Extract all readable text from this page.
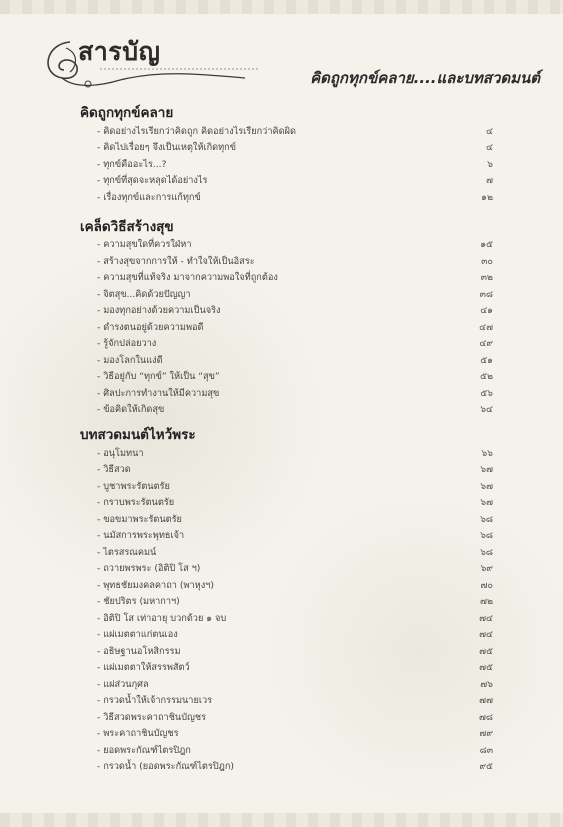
สารบัญ
คิดถูกทุกข์คลาย....และบทสวดมนต์
คิดถูกทุกข์คลาย
- คิดอย่างไรเรียกว่าคิดถูก คิดอย่างไรเรียกว่าคิดผิด	๔
- คิดไปเรื่อยๆ จึงเป็นเหตุให้เกิดทุกข์	๔
- ทุกข์คืออะไร...?	๖
- ทุกข์ที่สุดจะหลุดได้อย่างไร	๗
- เรื่องทุกข์และการแก้ทุกข์	๑๒
เคล็ดวิธีสร้างสุข
- ความสุขใดที่ควรใฝ่หา	๑๕
- สร้างสุขจากการให้ - ทำใจให้เป็นอิสระ	๓๐
- ความสุขที่แท้จริง มาจากความพอใจที่ถูกต้อง	๓๒
- จิตสุข...คิดด้วยปัญญา	๓๘
- มองทุกอย่างด้วยความเป็นจริง	๔๑
- ดำรงตนอยู่ด้วยความพอดี	๔๗
- รู้จักปล่อยวาง	๔๙
- มองโลกในแง่ดี	๕๑
- วิธีอยู่กับ “ทุกข์” ให้เป็น “สุข”	๕๒
- ศิลปะการทำงานให้มีความสุข	๕๖
- ข้อคิดให้เกิดสุข	๖๔
บทสวดมนต์ไหว้พระ
- อนุโมทนา	๖๖
- วิธีสวด	๖๗
- บูชาพระรัตนตรัย	๖๗
- กราบพระรัตนตรัย	๖๗
- ขอขมาพระรัตนตรัย	๖๘
- นมัสการพระพุทธเจ้า	๖๘
- ไตรสรณคมน์	๖๘
- ถวายพรพระ (อิติปิ โส ฯ)	๖๙
- พุทธชัยมงคลคาถา (พาหุงฯ)	๗๐
- ชัยปริตร (มหากาฯ)	๗๒
- อิติปิ โส เท่าอายุ บวกด้วย ๑ จบ	๗๔
- แผ่เมตตาแก่ตนเอง	๗๔
- อธิษฐานอโหสิกรรม	๗๕
- แผ่เมตตาให้สรรพสัตว์	๗๕
- แผ่ส่วนกุศล	๗๖
- กรวดน้ำให้เจ้ากรรมนายเวร	๗๗
- วิธีสวดพระคาถาชินบัญชร	๗๘
- พระคาถาชินบัญชร	๗๙
- ยอดพระกัณฑ์ไตรปิฎก	๘๓
- กรวดน้ำ (ยอดพระกัณฑ์ไตรปิฎก)	๙๕
